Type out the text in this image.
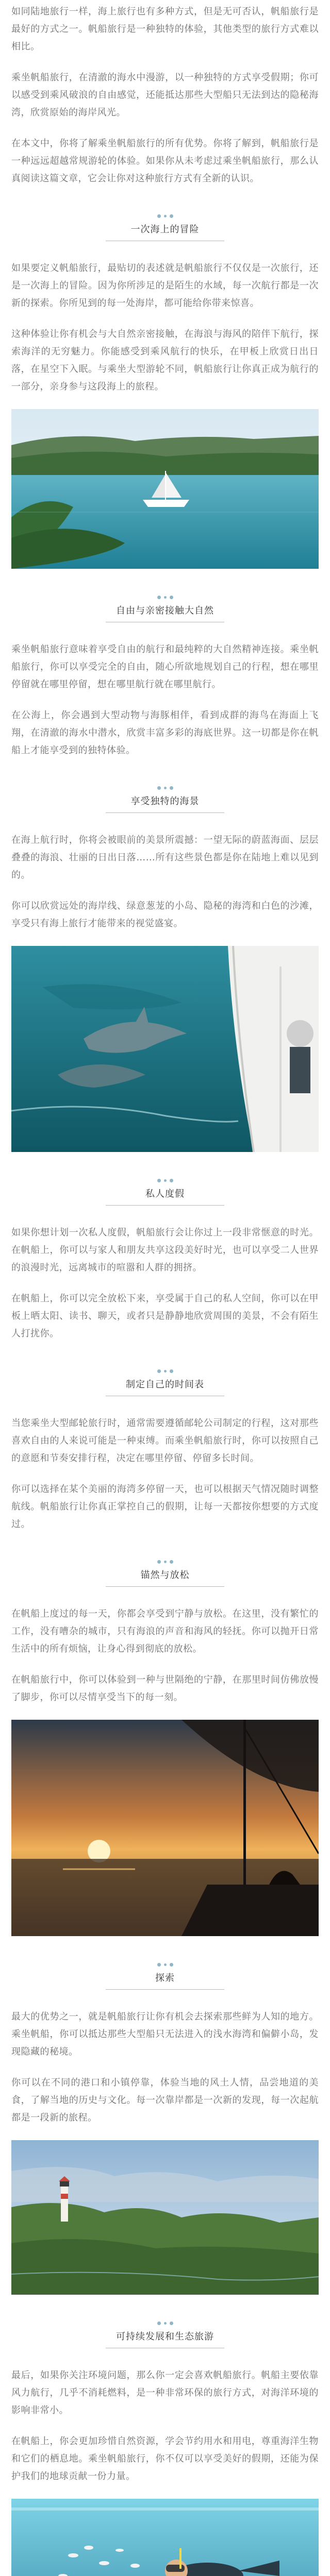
如同陆地旅行一样，海上旅行也有多种方式，但是无可否认，帆船旅行是最好的方式之一。帆船旅行是一种独特的体验，其他类型的旅行方式难以相比。

乘坐帆船旅行，在清澈的海水中漫游，以一种独特的方式享受假期；你可以感受到乘风破浪的自由感觉，还能抵达那些大型船只无法到达的隐秘海湾，欣赏原始的海岸风光。

在本文中，你将了解乘坐帆船旅行的所有优势。你将了解到，帆船旅行是一种远远超越常规游轮的体验。如果你从未考虑过乘坐帆船旅行，那么认真阅读这篇文章，它会让你对这种旅行方式有全新的认识。

一次海上的冒险

如果要定义帆船旅行，最贴切的表述就是帆船旅行不仅仅是一次旅行，还是一次海上的冒险。因为你所涉足的是陌生的水域，每一次航行都是一次新的探索。你所见到的每一处海岸，都可能给你带来惊喜。

这种体验让你有机会与大自然亲密接触，在海浪与海风的陪伴下航行，探索海洋的无穷魅力。你能感受到乘风航行的快乐，在甲板上欣赏日出日落，在星空下入眠。与乘坐大型游轮不同，帆船旅行让你真正成为航行的一部分，亲身参与这段海上的旅程。

自由与亲密接触大自然

乘坐帆船旅行意味着享受自由的航行和最纯粹的大自然精神连接。乘坐帆船旅行，你可以享受完全的自由，随心所欲地规划自己的行程，想在哪里停留就在哪里停留，想在哪里航行就在哪里航行。

在公海上，你会遇到大型动物与海豚相伴，看到成群的海鸟在海面上飞翔，在清澈的海水中潜水，欣赏丰富多彩的海底世界。这一切都是你在帆船上才能享受到的独特体验。

享受独特的海景

在海上航行时，你将会被眼前的美景所震撼：一望无际的蔚蓝海面、层层叠叠的海浪、壮丽的日出日落……所有这些景色都是你在陆地上难以见到的。

你可以欣赏远处的海岸线、绿意葱茏的小岛、隐秘的海湾和白色的沙滩，享受只有海上旅行才能带来的视觉盛宴。

私人度假

如果你想计划一次私人度假，帆船旅行会让你过上一段非常惬意的时光。在帆船上，你可以与家人和朋友共享这段美好时光，也可以享受二人世界的浪漫时光，远离城市的喧嚣和人群的拥挤。

在帆船上，你可以完全放松下来，享受属于自己的私人空间，你可以在甲板上晒太阳、读书、聊天，或者只是静静地欣赏周围的美景，不会有陌生人打扰你。

制定自己的时间表

当您乘坐大型邮轮旅行时，通常需要遵循邮轮公司制定的行程，这对那些喜欢自由的人来说可能是一种束缚。而乘坐帆船旅行时，你可以按照自己的意愿和节奏安排行程，决定在哪里停留、停留多长时间。

你可以选择在某个美丽的海湾多停留一天，也可以根据天气情况随时调整航线。帆船旅行让你真正掌控自己的假期，让每一天都按你想要的方式度过。

锚然与放松

在帆船上度过的每一天，你都会享受到宁静与放松。在这里，没有繁忙的工作，没有嘈杂的城市，只有海浪的声音和海风的轻抚。你可以抛开日常生活中的所有烦恼，让身心得到彻底的放松。

在帆船旅行中，你可以体验到一种与世隔绝的宁静，在那里时间仿佛放慢了脚步，你可以尽情享受当下的每一刻。

探索

最大的优势之一，就是帆船旅行让你有机会去探索那些鲜为人知的地方。乘坐帆船，你可以抵达那些大型船只无法进入的浅水海湾和偏僻小岛，发现隐藏的秘境。

你可以在不同的港口和小镇停靠，体验当地的风土人情，品尝地道的美食，了解当地的历史与文化。每一次靠岸都是一次新的发现，每一次起航都是一段新的旅程。

可持续发展和生态旅游

最后，如果你关注环境问题，那么你一定会喜欢帆船旅行。帆船主要依靠风力航行，几乎不消耗燃料，是一种非常环保的旅行方式，对海洋环境的影响非常小。

在帆船上，你会更加珍惜自然资源，学会节约用水和用电，尊重海洋生物和它们的栖息地。乘坐帆船旅行，你不仅可以享受美好的假期，还能为保护我们的地球贡献一份力量。
